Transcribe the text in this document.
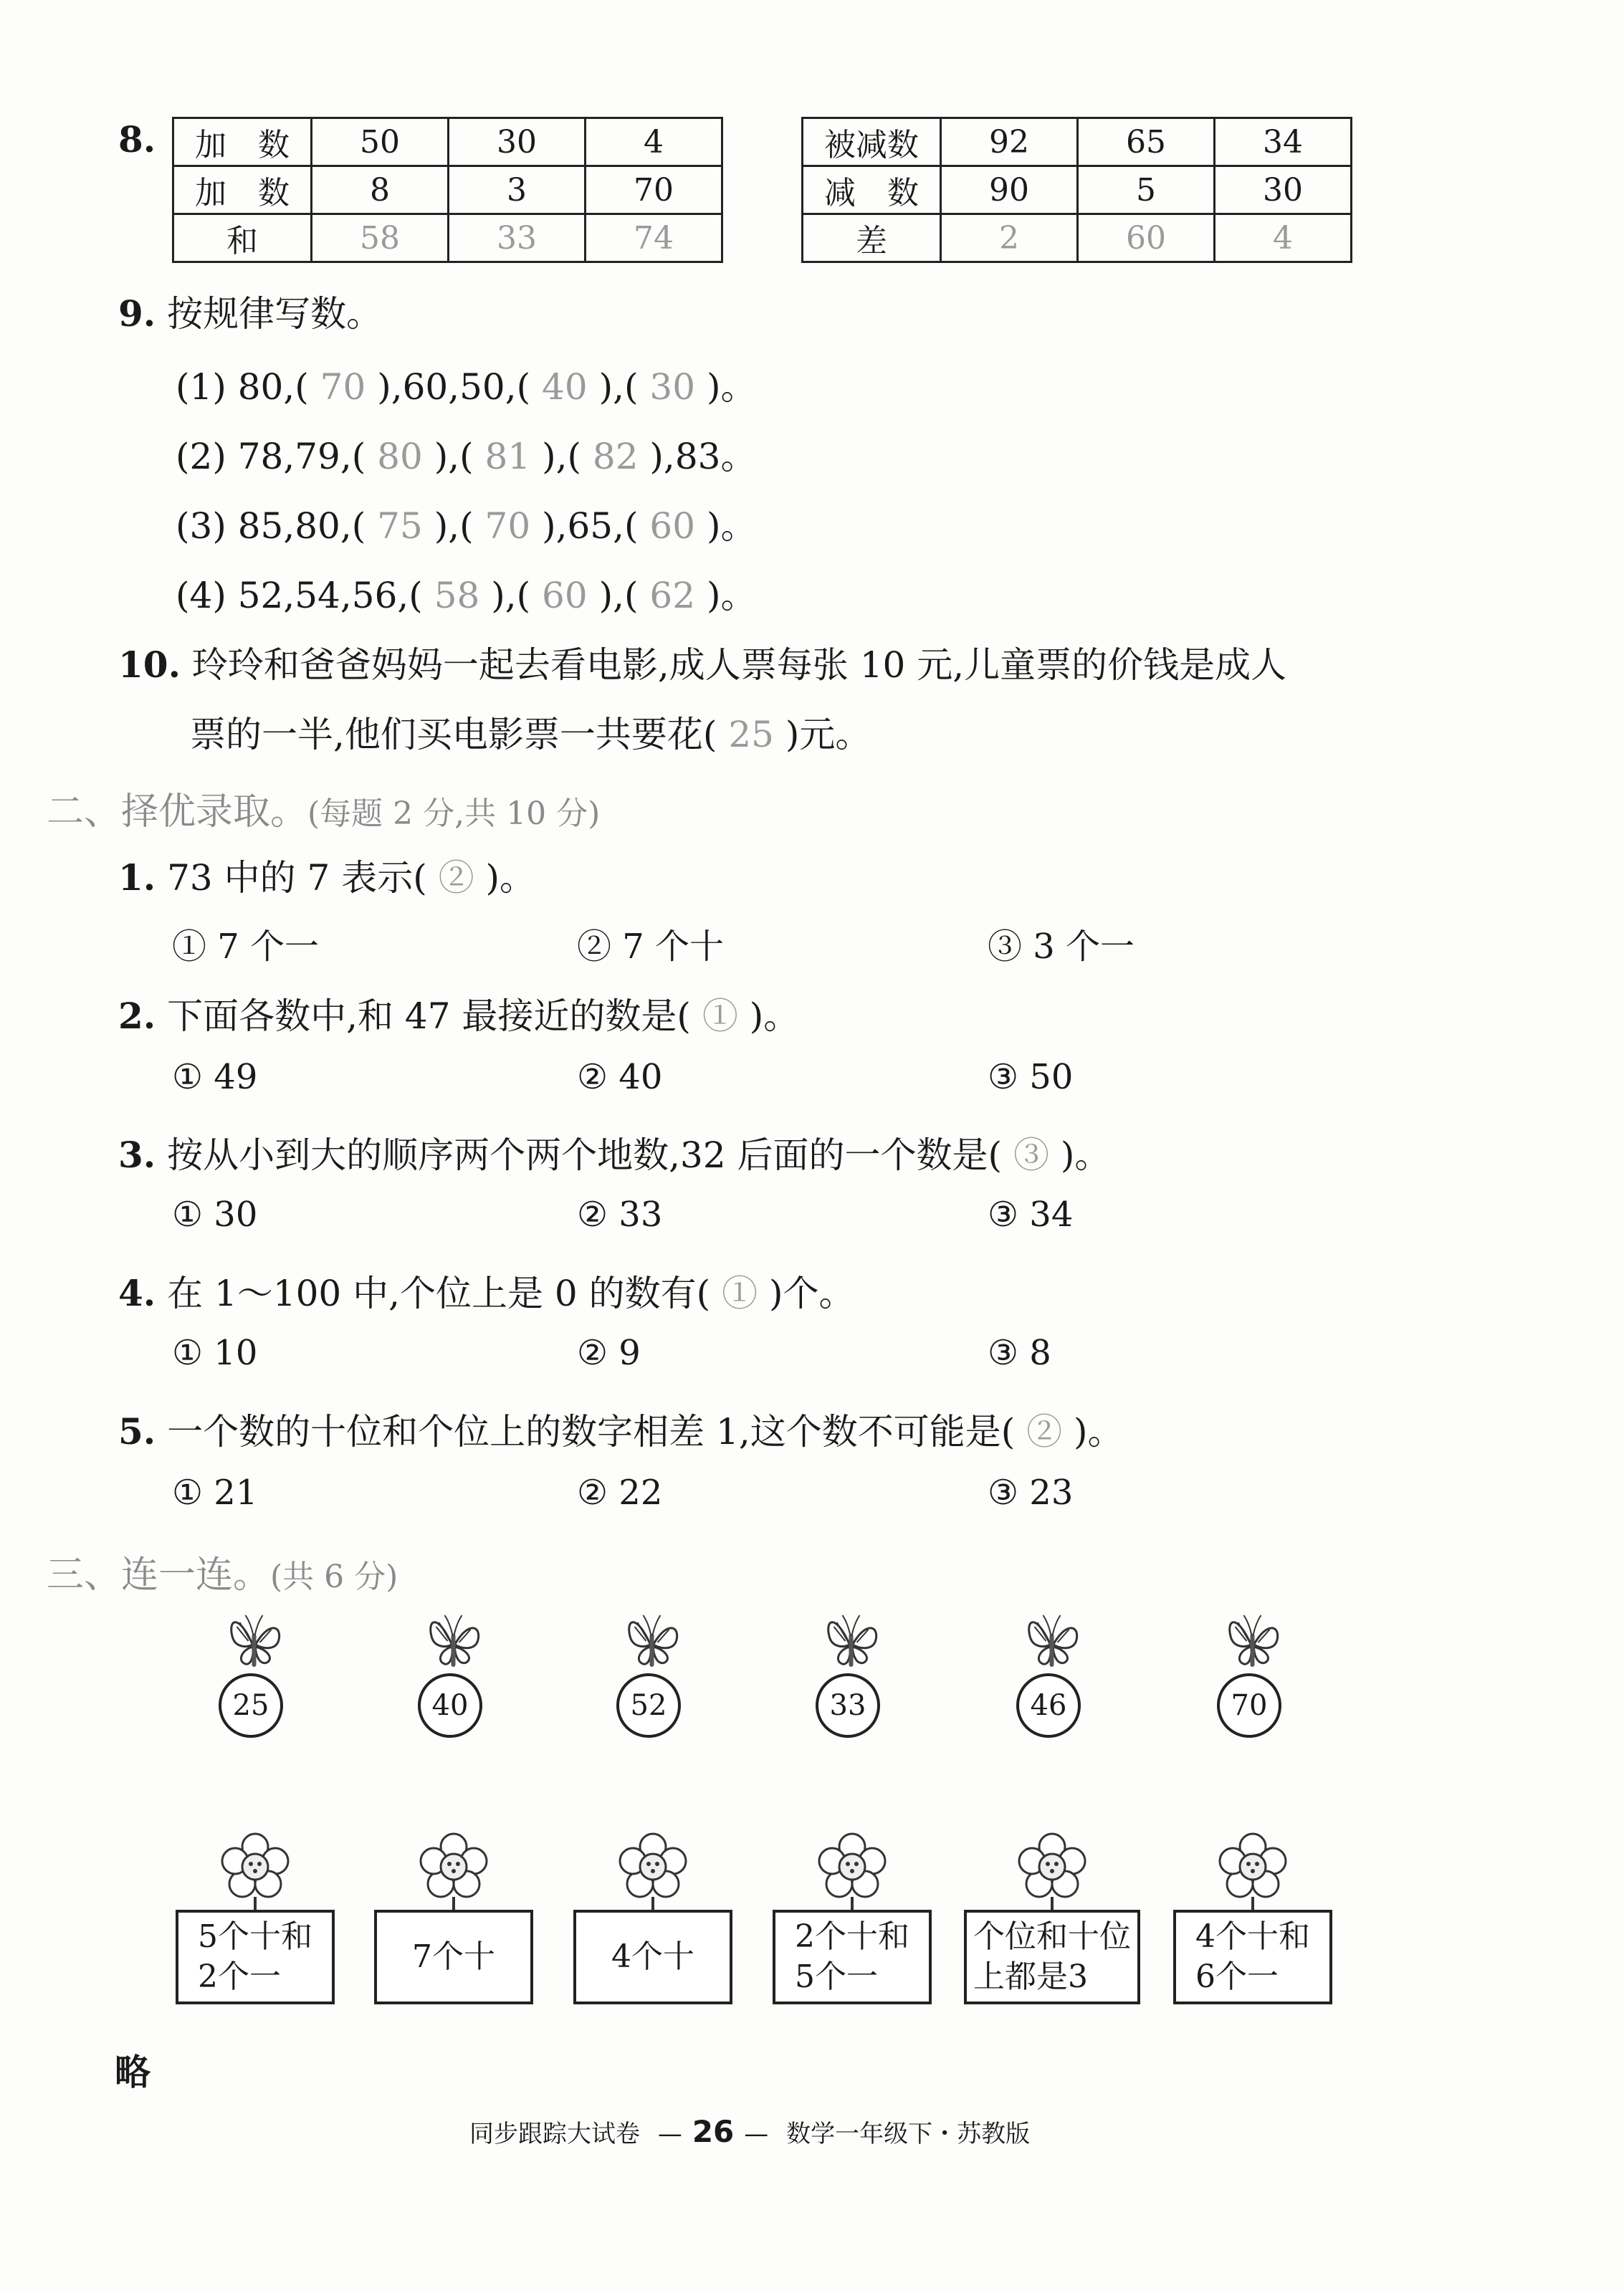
8. 加　数	50	30	4
加　数	8	3	70
和	58	33	74
被减数	92	65	34
减　数	90	5	30
差	2	60	4
9. 按规律写数。
(1) 80,( 70 ),60,50,( 40 ),( 30 )。
(2) 78,79,( 80 ),( 81 ),( 82 ),83。
(3) 85,80,( 75 ),( 70 ),65,( 60 )。
(4) 52,54,56,( 58 ),( 60 ),( 62 )。
10. 玲玲和爸爸妈妈一起去看电影,成人票每张 10 元,儿童票的价钱是成人
票的一半,他们买电影票一共要花( 25 )元。
二、择优录取。(每题 2 分,共 10 分)
1. 73 中的 7 表示( ② )。
① 7 个一	② 7 个十	③ 3 个一
2. 下面各数中,和 47 最接近的数是( ① )。
① 49	② 40	③ 50
3. 按从小到大的顺序两个两个地数,32 后面的一个数是( ③ )。
① 30	② 33	③ 34
4. 在 1～100 中,个位上是 0 的数有( ① )个。
① 10	② 9	③ 8
5. 一个数的十位和个位上的数字相差 1,这个数不可能是( ② )。
① 21	② 22	③ 23
三、连一连。(共 6 分)
25	40	52	33	46	70
5个十和
2个一
7个十	4个十
2个十和
5个一
个位和十位
上都是3
4个十和
6个一
略
同步跟踪大试卷 — 26 — 数学一年级下・苏教版
